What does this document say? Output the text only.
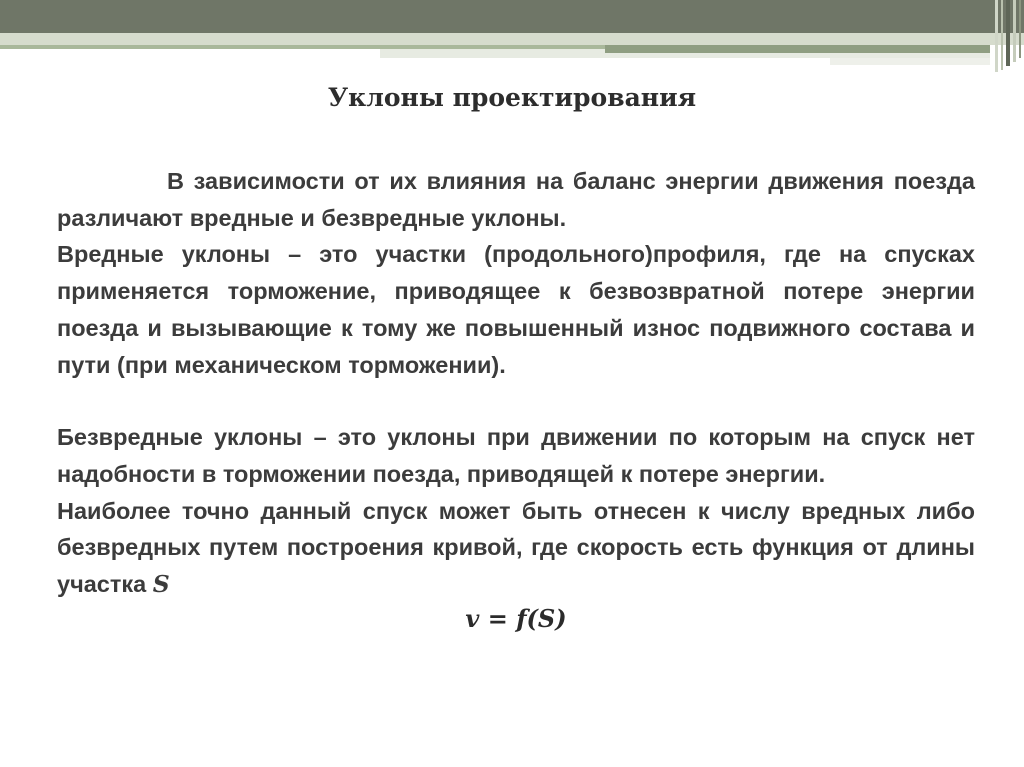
Уклоны проектирования

В зависимости от их влияния на баланс энергии движения поезда различают вредные и безвредные уклоны.

Вредные уклоны – это участки (продольного)профиля, где на спусках применяется торможение, приводящее к безвозвратной потере энергии поезда и вызывающие к тому же повышенный износ подвижного состава и пути (при механическом торможении).

Безвредные уклоны – это уклоны при движении по которым на спуск нет надобности в торможении поезда, приводящей к потере энергии.

Наиболее точно данный спуск может быть отнесен к числу вредных либо безвредных путем построения кривой, где скорость есть функция от длины участка S

v = f(S)
